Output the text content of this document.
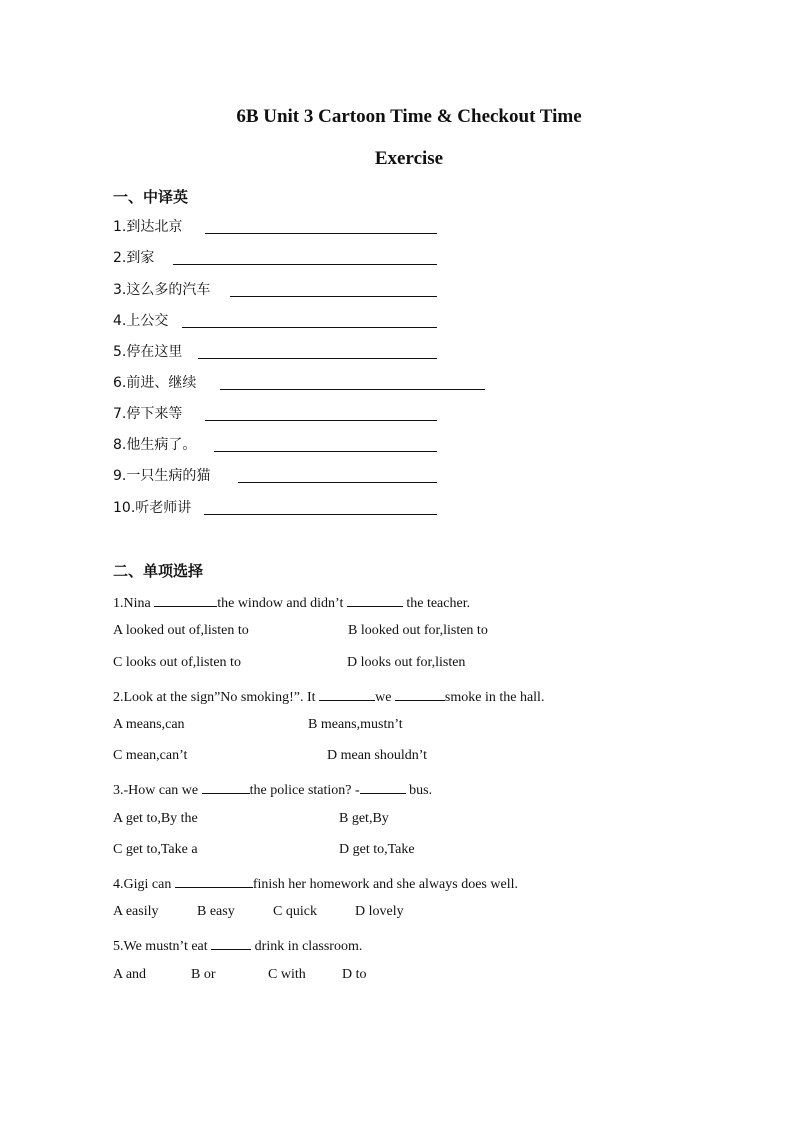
6B Unit 3 Cartoon Time & Checkout Time
Exercise
一、中译英
1.到达北京
2.到家
3.这么多的汽车
4.上公交
5.停在这里
6.前进、继续
7.停下来等
8.他生病了。
9.一只生病的猫
10.听老师讲
二、单项选择
1.Nina	the window and didn’t	the teacher.
A looked out of,listen to	B looked out for,listen to
C looks out of,listen to	D looks out for,listen
2.Look at the sign”No smoking!”. It	we	smoke in the hall.
A means,can	B means,mustn’t
C mean,can’t	D mean shouldn’t
3.-How can we	the police station? -	bus.
A get to,By the	B get,By
C get to,Take a	D get to,Take
4.Gigi can	finish her homework and she always does well.
A easily	B easy	C quick	D lovely
5.We mustn’t eat	drink in classroom.
A and	B or	C with	D to
